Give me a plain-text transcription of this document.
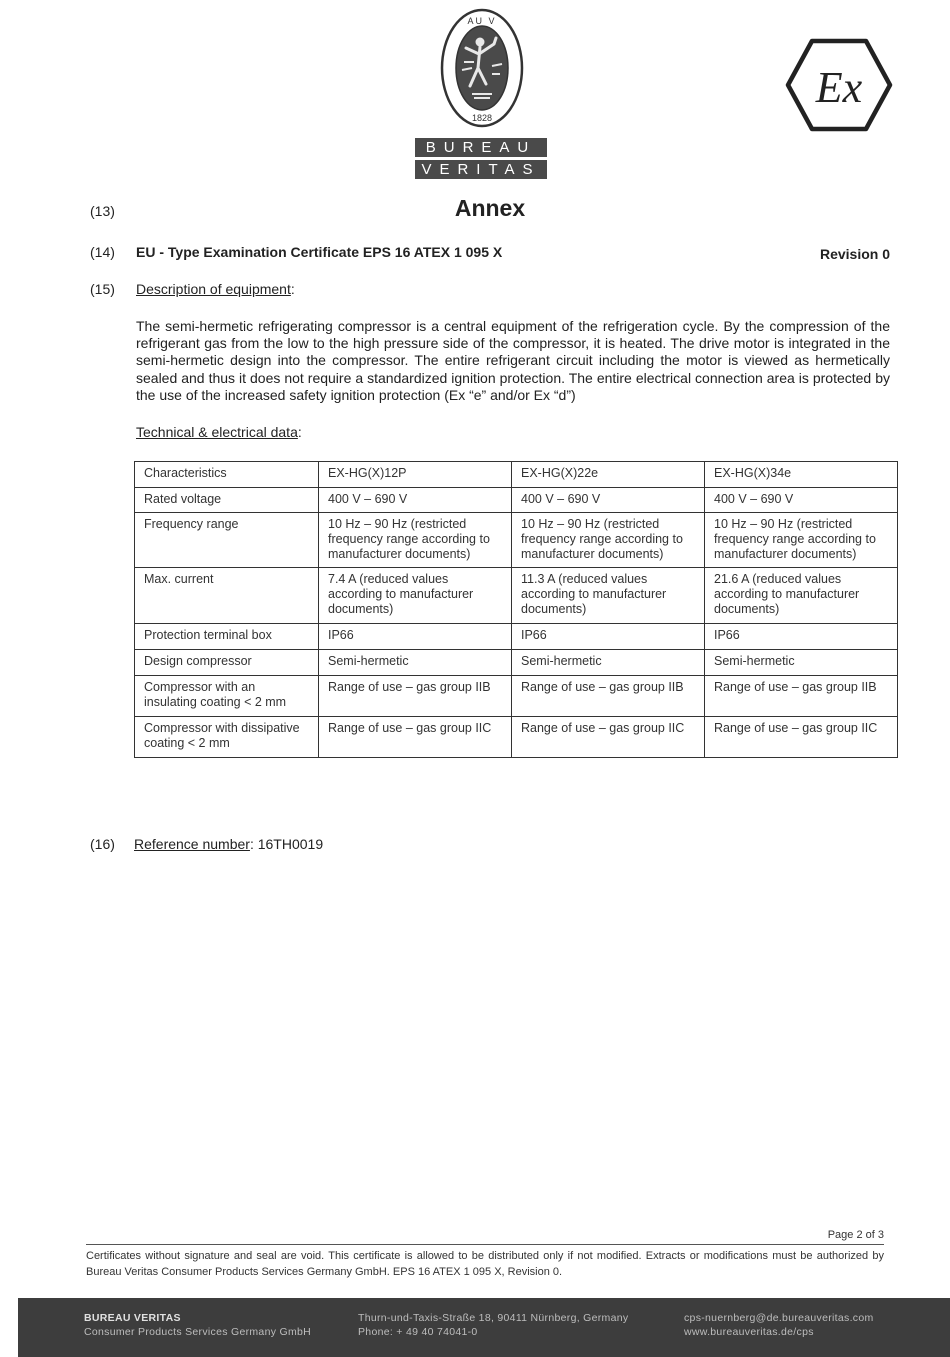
AU V
1828
BUREAU
VERITAS
Ex
(13)	Annex
(14) EU - Type Examination Certificate EPS 16 ATEX 1 095 X	Revision 0
(15) Description of equipment:
The semi-hermetic refrigerating compressor is a central equipment of the refrigeration cycle. By the compression of the refrigerant gas from the low to the high pressure side of the compressor, it is heated. The drive motor is integrated in the semi-hermetic design into the compressor. The entire refrigerant circuit including the motor is viewed as hermetically sealed and thus it does not require a standardized ignition protection. The entire electrical connection area is protected by the use of the increased safety ignition protection (Ex “e” and/or Ex “d”)
Technical & electrical data:
Characteristics	EX-HG(X)12P	EX-HG(X)22e	EX-HG(X)34e
Rated voltage	400 V – 690 V	400 V – 690 V	400 V – 690 V
Frequency range	10 Hz – 90 Hz (restricted frequency range according to manufacturer documents)	10 Hz – 90 Hz (restricted frequency range according to manufacturer documents)	10 Hz – 90 Hz (restricted frequency range according to manufacturer documents)
Max. current	7.4 A (reduced values according to manufacturer documents)	11.3 A (reduced values according to manufacturer documents)	21.6 A (reduced values according to manufacturer documents)
Protection terminal box	IP66	IP66	IP66
Design compressor	Semi-hermetic	Semi-hermetic	Semi-hermetic
Compressor with an insulating coating < 2 mm	Range of use – gas group IIB	Range of use – gas group IIB	Range of use – gas group IIB
Compressor with dissipative coating < 2 mm	Range of use – gas group IIC	Range of use – gas group IIC	Range of use – gas group IIC
(16) Reference number: 16TH0019
Page 2 of 3
Certificates without signature and seal are void. This certificate is allowed to be distributed only if not modified. Extracts or modifications must be authorized by Bureau Veritas Consumer Products Services Germany GmbH. EPS 16 ATEX 1 095 X, Revision 0.
BUREAU VERITAS
Consumer Products Services Germany GmbH
Thurn-und-Taxis-Straße 18, 90411 Nürnberg, Germany
Phone: + 49 40 74041-0
cps-nuernberg@de.bureauveritas.com
www.bureauveritas.de/cps
